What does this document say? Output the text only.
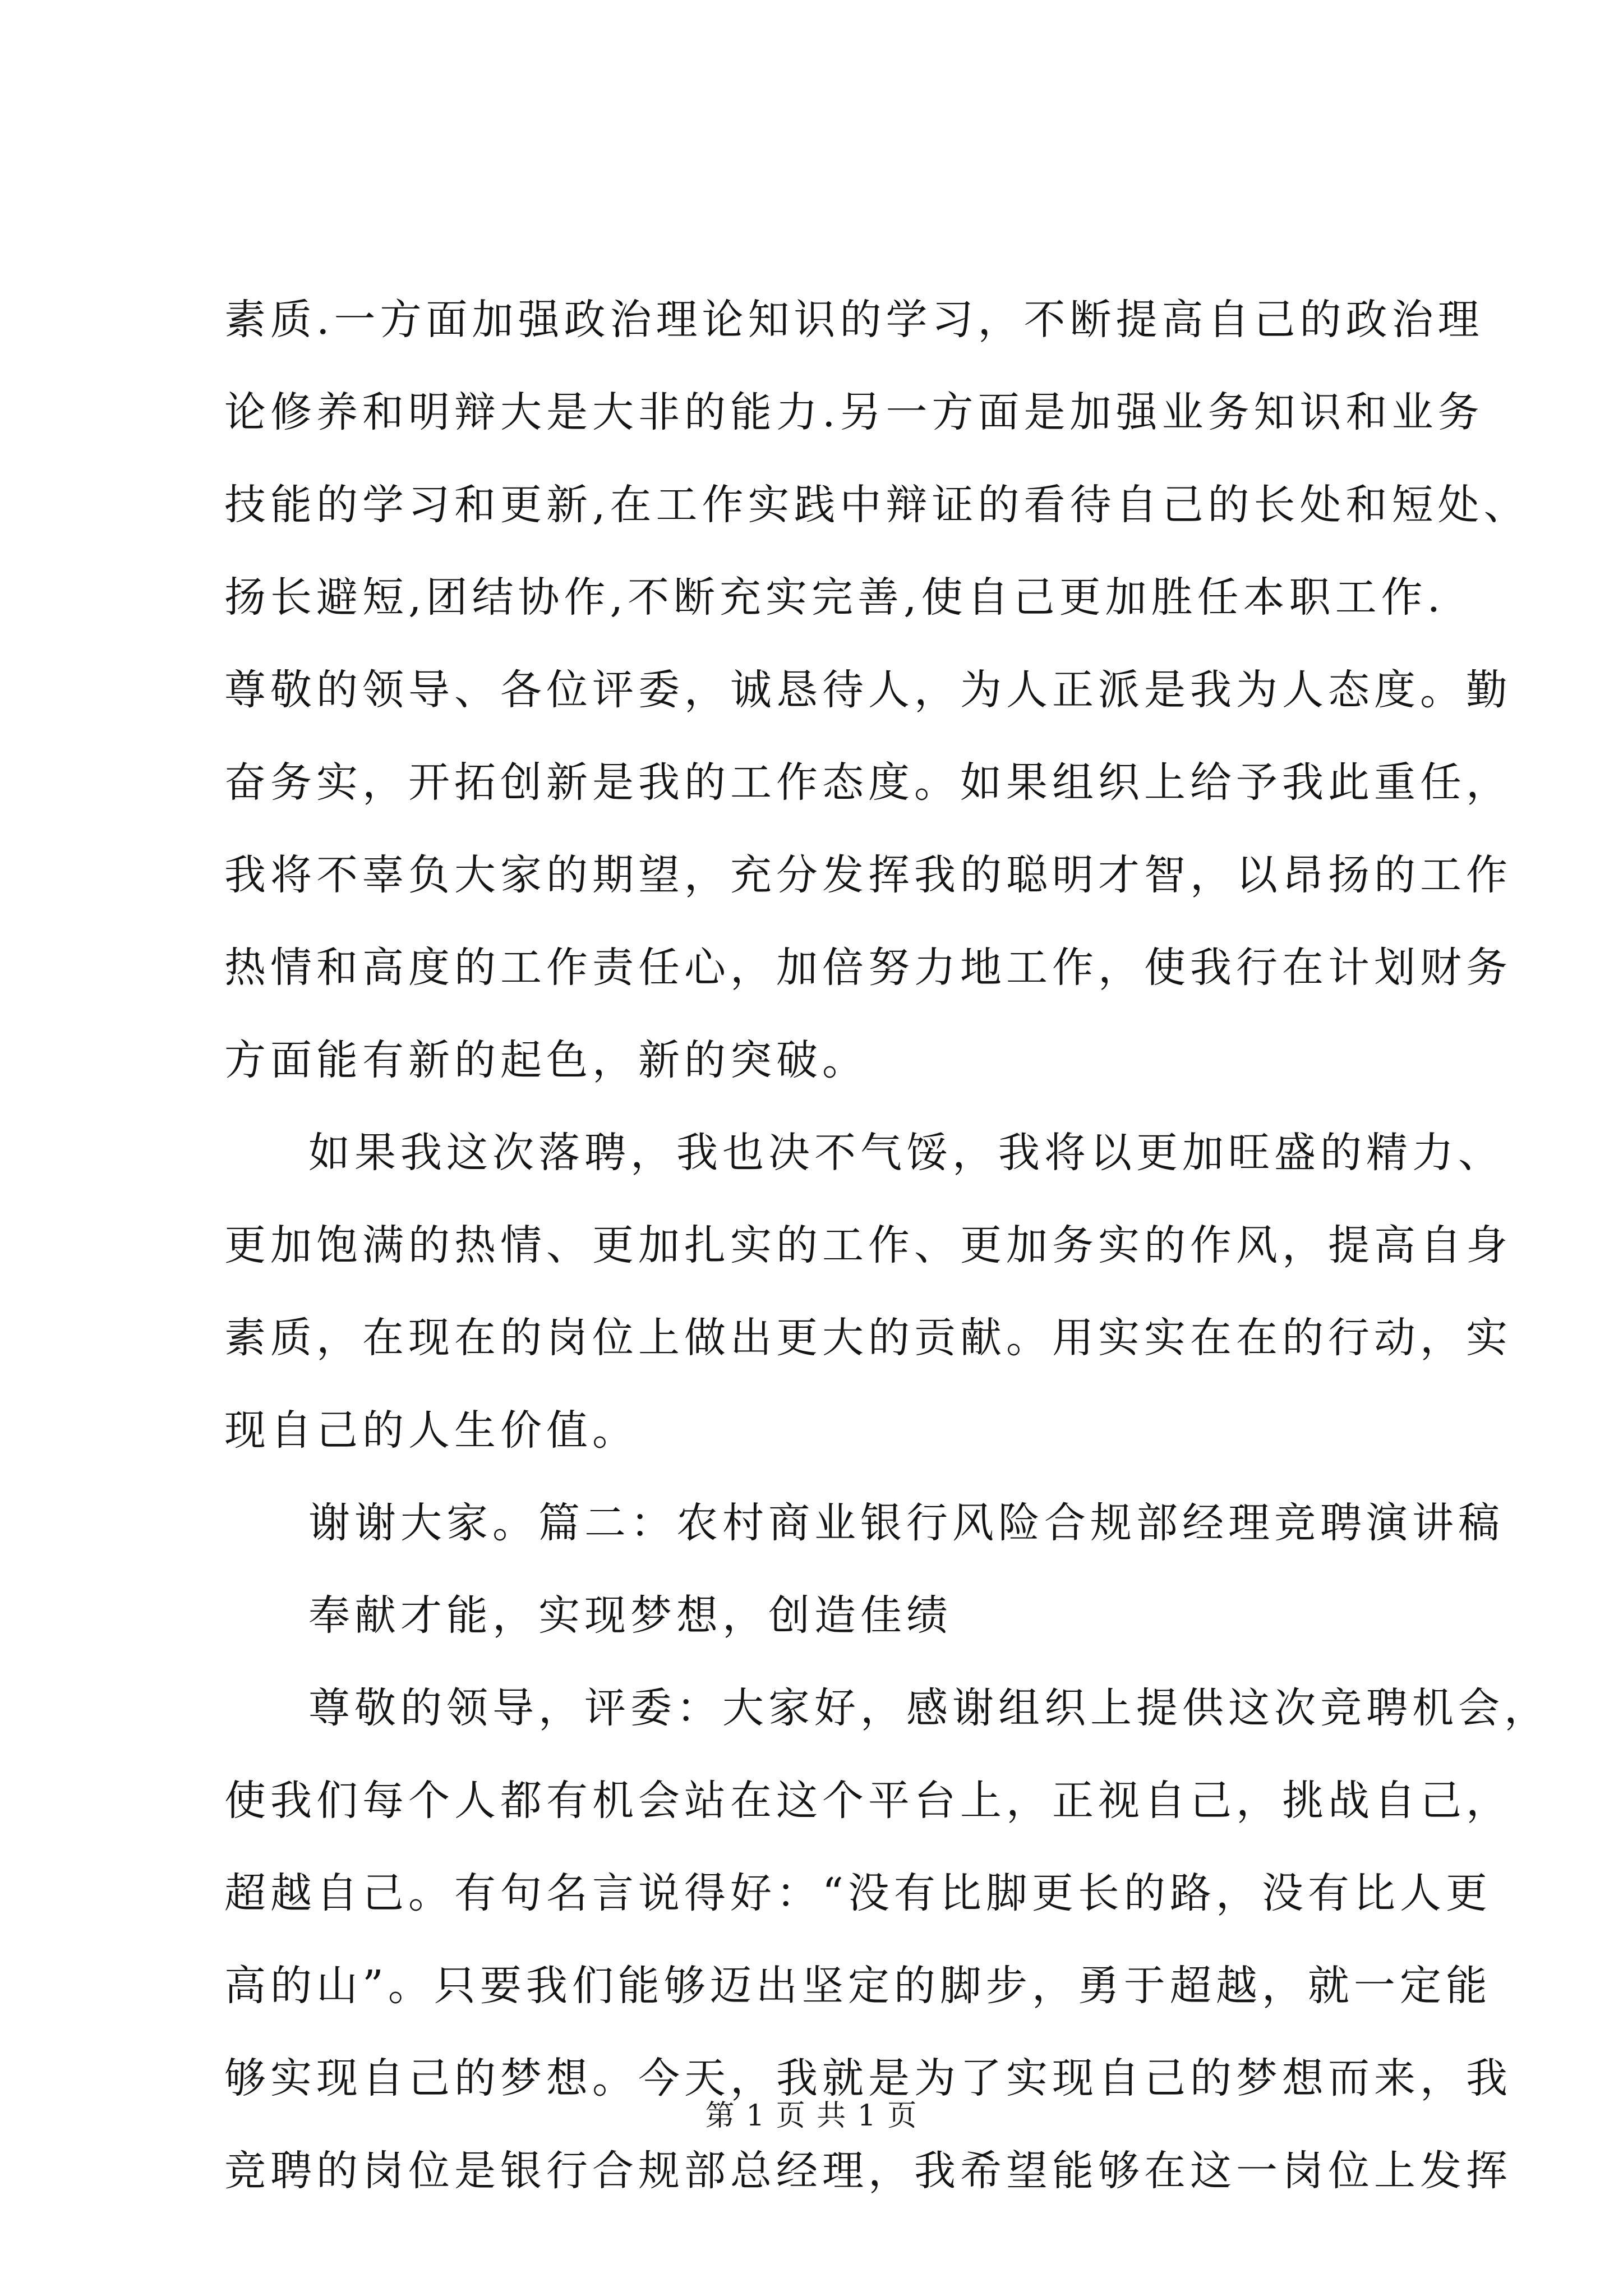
素质.一方面加强政治理论知识的学习，不断提高自己的政治理
论修养和明辩大是大非的能力.另一方面是加强业务知识和业务
技能的学习和更新,在工作实践中辩证的看待自己的长处和短处、
扬长避短,团结协作,不断充实完善,使自己更加胜任本职工作.
尊敬的领导、各位评委，诚恳待人，为人正派是我为人态度。勤
奋务实，开拓创新是我的工作态度。如果组织上给予我此重任，
我将不辜负大家的期望，充分发挥我的聪明才智，以昂扬的工作
热情和高度的工作责任心，加倍努力地工作，使我行在计划财务
方面能有新的起色，新的突破。
如果我这次落聘，我也决不气馁，我将以更加旺盛的精力、
更加饱满的热情、更加扎实的工作、更加务实的作风，提高自身
素质，在现在的岗位上做出更大的贡献。用实实在在的行动，实
现自己的人生价值。
谢谢大家。篇二：农村商业银行风险合规部经理竞聘演讲稿
奉献才能，实现梦想，创造佳绩
尊敬的领导，评委：大家好，感谢组织上提供这次竞聘机会，
使我们每个人都有机会站在这个平台上，正视自己，挑战自己，
超越自己。有句名言说得好：“没有比脚更长的路，没有比人更
高的山”。只要我们能够迈出坚定的脚步，勇于超越，就一定能
够实现自己的梦想。今天，我就是为了实现自己的梦想而来，我
竞聘的岗位是银行合规部总经理，我希望能够在这一岗位上发挥
第 1 页 共 1 页
